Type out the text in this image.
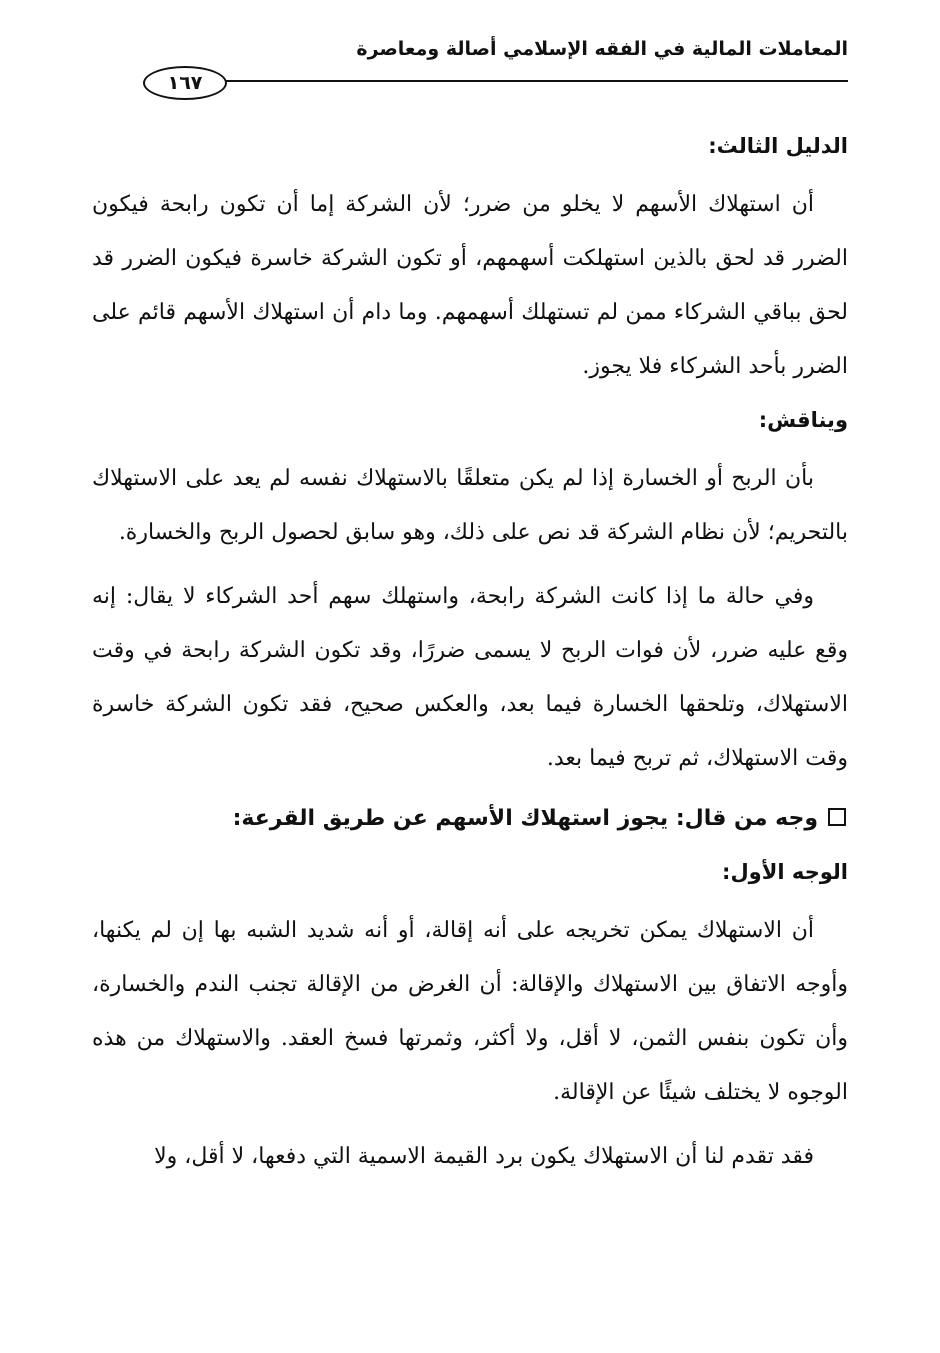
المعاملات المالية في الفقه الإسلامي أصالة ومعاصرة
١٦٧

الدليل الثالث:

أن استهلاك الأسهم لا يخلو من ضرر؛ لأن الشركة إما أن تكون رابحة فيكون الضرر قد لحق بالذين استهلكت أسهمهم، أو تكون الشركة خاسرة فيكون الضرر قد لحق بباقي الشركاء ممن لم تستهلك أسهمهم. وما دام أن استهلاك الأسهم قائم على الضرر بأحد الشركاء فلا يجوز.

ويناقش:

بأن الربح أو الخسارة إذا لم يكن متعلقًا بالاستهلاك نفسه لم يعد على الاستهلاك بالتحريم؛ لأن نظام الشركة قد نص على ذلك، وهو سابق لحصول الربح والخسارة.

وفي حالة ما إذا كانت الشركة رابحة، واستهلك سهم أحد الشركاء لا يقال: إنه وقع عليه ضرر، لأن فوات الربح لا يسمى ضررًا، وقد تكون الشركة رابحة في وقت الاستهلاك، وتلحقها الخسارة فيما بعد، والعكس صحيح، فقد تكون الشركة خاسرة وقت الاستهلاك، ثم تربح فيما بعد.

وجه من قال: يجوز استهلاك الأسهم عن طريق القرعة:

الوجه الأول:

أن الاستهلاك يمكن تخريجه على أنه إقالة، أو أنه شديد الشبه بها إن لم يكنها، وأوجه الاتفاق بين الاستهلاك والإقالة: أن الغرض من الإقالة تجنب الندم والخسارة، وأن تكون بنفس الثمن، لا أقل، ولا أكثر، وثمرتها فسخ العقد. والاستهلاك من هذه الوجوه لا يختلف شيئًا عن الإقالة.

فقد تقدم لنا أن الاستهلاك يكون برد القيمة الاسمية التي دفعها، لا أقل، ولا
